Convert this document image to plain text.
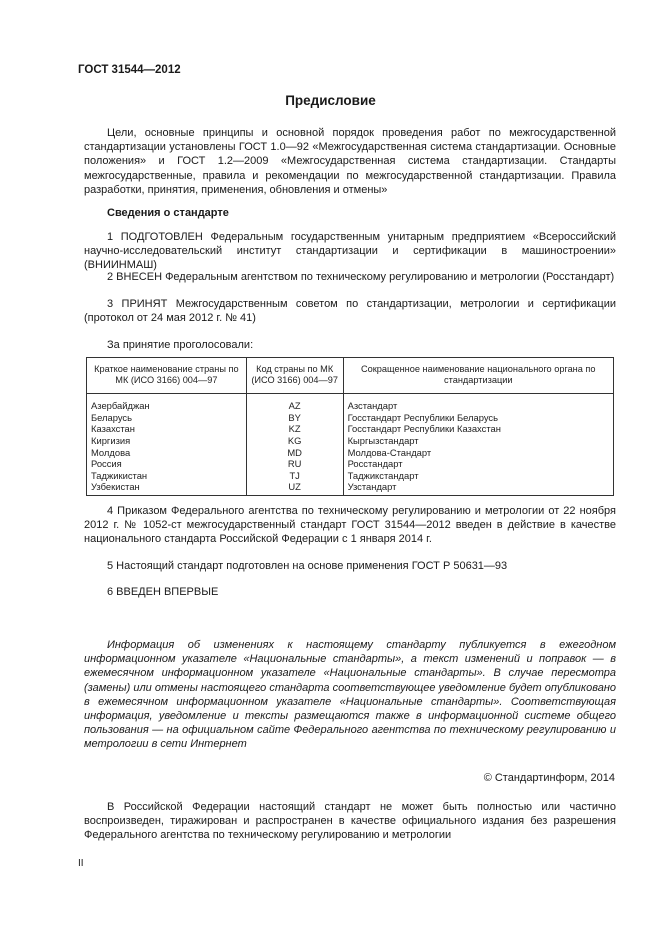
ГОСТ 31544—2012
Предисловие

Цели, основные принципы и основной порядок проведения работ по межгосударственной стандартизации установлены ГОСТ 1.0—92 «Межгосударственная система стандартизации. Основные положения» и ГОСТ 1.2—2009 «Межгосударственная система стандартизации. Стандарты межгосударственные, правила и рекомендации по межгосударственной стандартизации. Правила разработки, принятия, применения, обновления и отмены»

Сведения о стандарте

1 ПОДГОТОВЛЕН Федеральным государственным унитарным предприятием «Всероссийский научно-исследовательский институт стандартизации и сертификации в машиностроении» (ВНИИНМАШ)

2 ВНЕСЕН Федеральным агентством по техническому регулированию и метрологии (Росстандарт)

3 ПРИНЯТ Межгосударственным советом по стандартизации, метрологии и сертификации (протокол от 24 мая 2012 г. № 41)

За принятие проголосовали:

Краткое наименование страны по МК (ИСО 3166) 004—97	Код страны по МК (ИСО 3166) 004—97	Сокращенное наименование национального органа по стандартизации
Азербайджан	AZ	Азстандарт
Беларусь	BY	Госстандарт Республики Беларусь
Казахстан	KZ	Госстандарт Республики Казахстан
Киргизия	KG	Кыргызстандарт
Молдова	MD	Молдова-Стандарт
Россия	RU	Росстандарт
Таджикистан	TJ	Таджикстандарт
Узбекистан	UZ	Узстандарт

4 Приказом Федерального агентства по техническому регулированию и метрологии от 22 ноября 2012 г. № 1052-ст межгосударственный стандарт ГОСТ 31544—2012 введен в действие в качестве национального стандарта Российской Федерации с 1 января 2014 г.

5 Настоящий стандарт подготовлен на основе применения ГОСТ Р 50631—93

6 ВВЕДЕН ВПЕРВЫЕ

Информация об изменениях к настоящему стандарту публикуется в ежегодном информационном указателе «Национальные стандарты», а текст изменений и поправок — в ежемесячном информационном указателе «Национальные стандарты». В случае пересмотра (замены) или отмены настоящего стандарта соответствующее уведомление будет опубликовано в ежемесячном информационном указателе «Национальные стандарты». Соответствующая информация, уведомление и тексты размещаются также в информационной системе общего пользования — на официальном сайте Федерального агентства по техническому регулированию и метрологии в сети Интернет

© Стандартинформ, 2014

В Российской Федерации настоящий стандарт не может быть полностью или частично воспроизведен, тиражирован и распространен в качестве официального издания без разрешения Федерального агентства по техническому регулированию и метрологии

II
